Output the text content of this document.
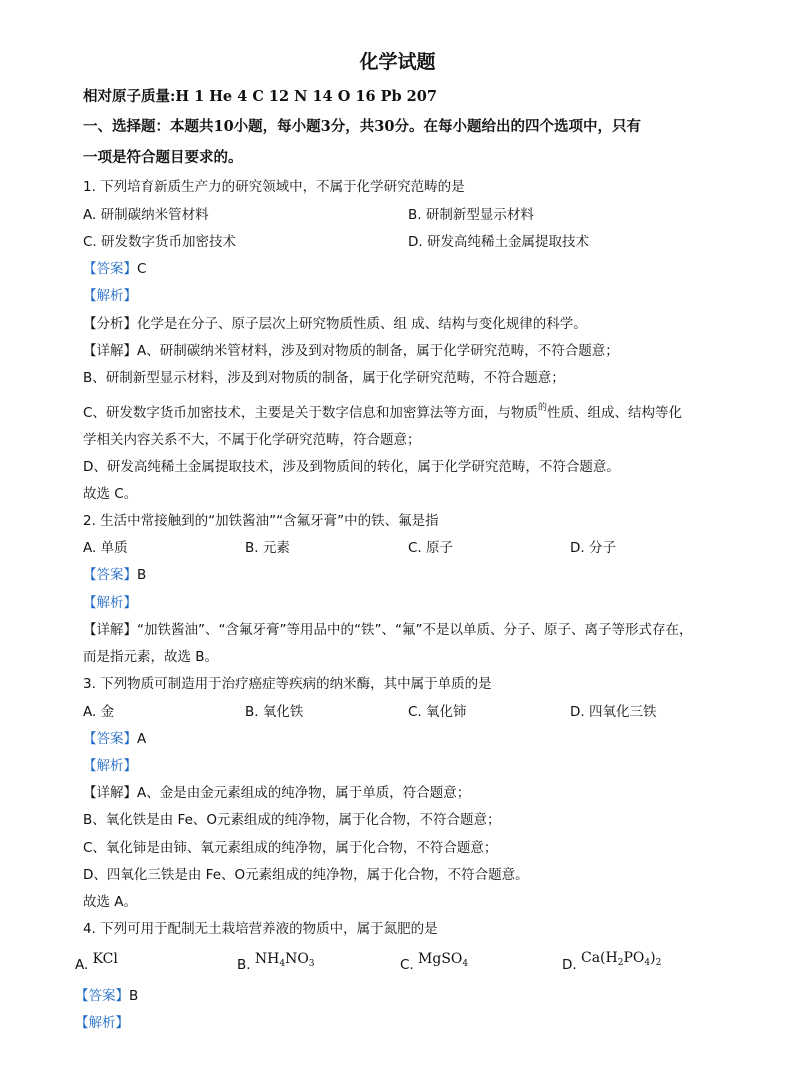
化学试题
相对原子质量:H 1 He 4 C 12 N 14 O 16 Pb 207
一、选择题：本题共10小题，每小题3分，共30分。在每小题给出的四个选项中，只有
一项是符合题目要求的。
1. 下列培育新质生产力的研究领域中，不属于化学研究范畴的是
A. 研制碳纳米管材料	B. 研制新型显示材料
C. 研发数字货币加密技术	D. 研发高纯稀土金属提取技术
【答案】C
【解析】
【分析】化学是在分子、原子层次上研究物质性质、组 成、结构与变化规律的科学。
【详解】A、研制碳纳米管材料，涉及到对物质的制备，属于化学研究范畴，不符合题意；
B、研制新型显示材料，涉及到对物质的制备，属于化学研究范畴，不符合题意；
C、研发数字货币加密技术，主要是关于数字信息和加密算法等方面，与物质$^的$性质、组成、结构等化
学相关内容关系不大，不属于化学研究范畴，符合题意；
D、研发高纯稀土金属提取技术，涉及到物质间的转化，属于化学研究范畴，不符合题意。
故选 C。
2. 生活中常接触到的“加铁酱油”“含氟牙膏”中的铁、氟是指
A. 单质	B. 元素	C. 原子	D. 分子
【答案】B
【解析】
【详解】“加铁酱油”、“含氟牙膏”等用品中的“铁”、“氟”不是以单质、分子、原子、离子等形式存在，
而是指元素，故选 B。
3. 下列物质可制造用于治疗癌症等疾病的纳米酶，其中属于单质的是
A. 金	B. 氧化铁	C. 氧化铈	D. 四氧化三铁
【答案】A
【解析】
【详解】A、金是由金元素组成的纯净物，属于单质，符合题意；
B、氧化铁是由 Fe、O元素组成的纯净物，属于化合物，不符合题意；
C、氧化铈是由铈、氧元素组成的纯净物，属于化合物，不符合题意；
D、四氧化三铁是由 Fe、O元素组成的纯净物，属于化合物，不符合题意。
故选 A。
4. 下列可用于配制无土栽培营养液的物质中，属于氮肥的是
A. KCl	B. $NH_4NO_3$	C. MgSO$_4$	D. $Ca(H_2PO_4)_2$
【答案】B
【解析】
